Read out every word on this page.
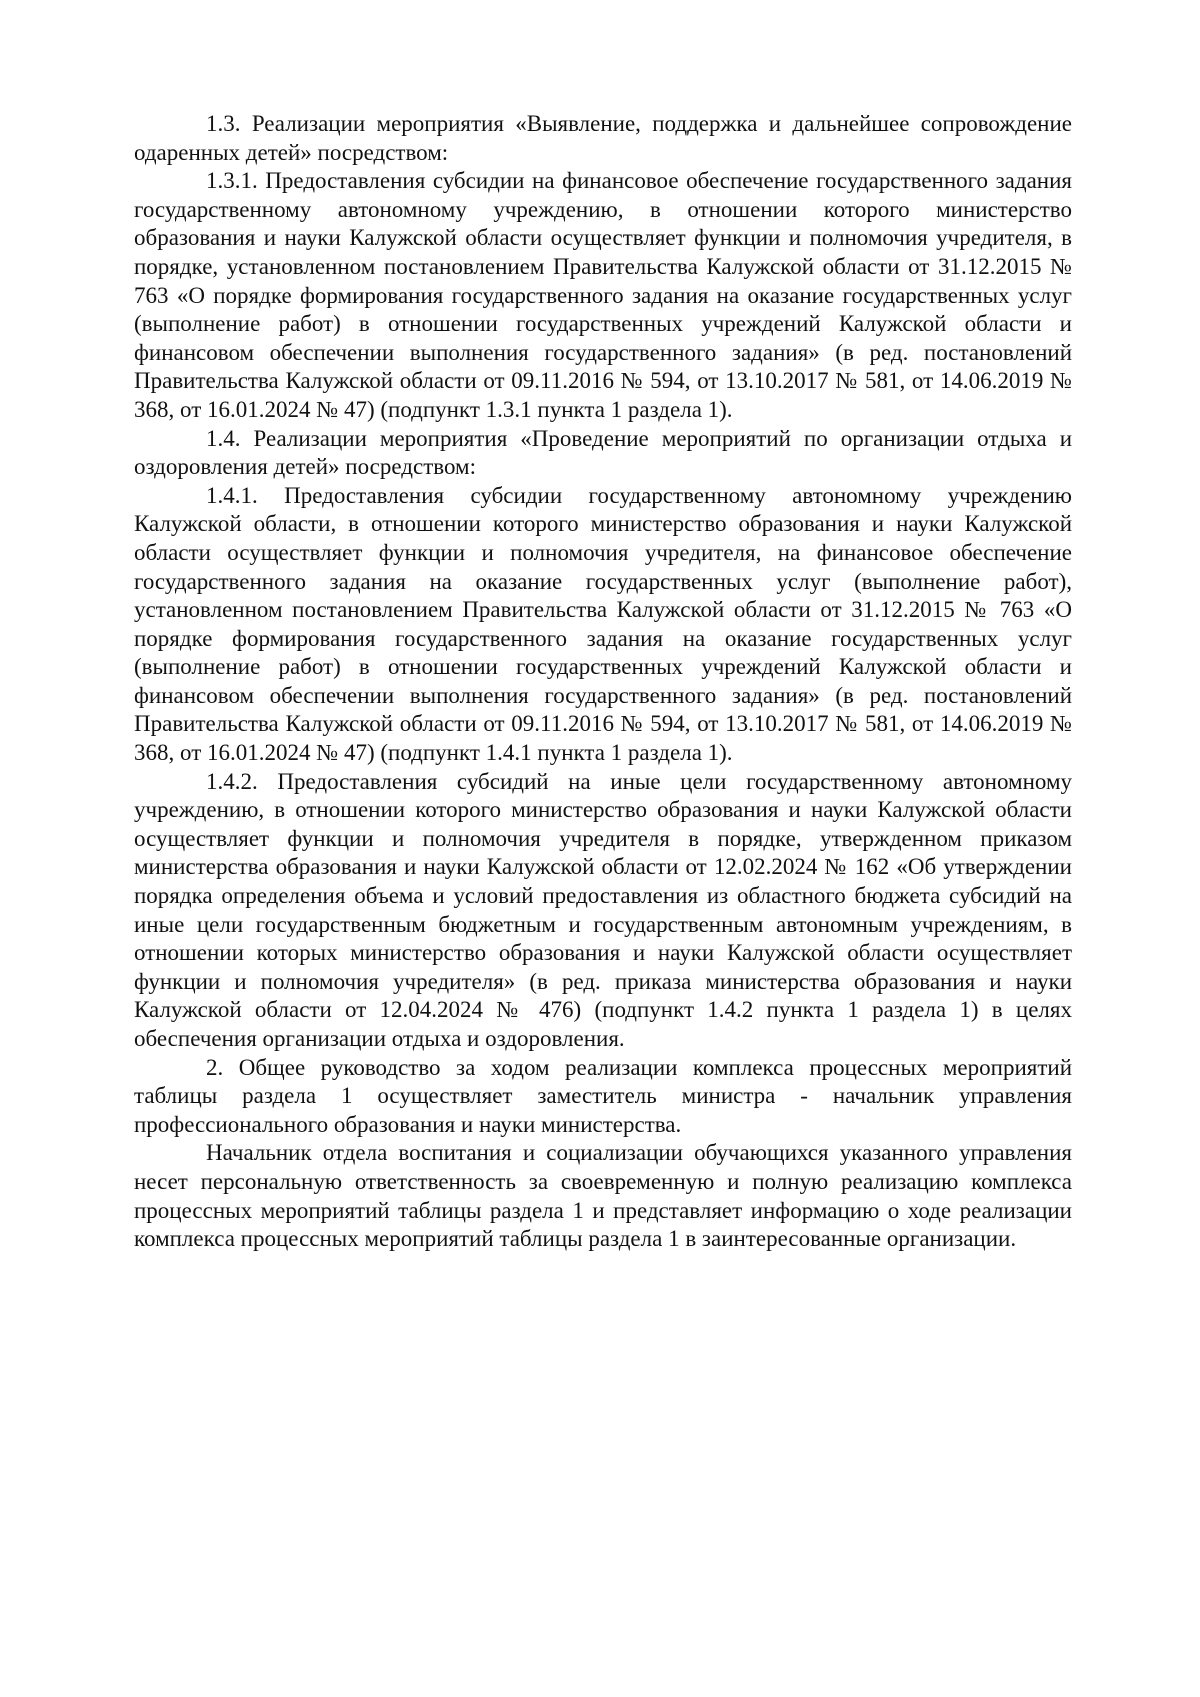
1.3. Реализации мероприятия «Выявление, поддержка и дальнейшее сопровождение одаренных детей» посредством:

1.3.1. Предоставления субсидии на финансовое обеспечение государственного задания государственному автономному учреждению, в отношении которого министерство образования и науки Калужской области осуществляет функции и полномочия учредителя, в порядке, установленном постановлением Правительства Калужской области от 31.12.2015 № 763 «О порядке формирования государственного задания на оказание государственных услуг (выполнение работ) в отношении государственных учреждений Калужской области и финансовом обеспечении выполнения государственного задания» (в ред. постановлений Правительства Калужской области от 09.11.2016 № 594, от 13.10.2017 № 581, от 14.06.2019 № 368, от 16.01.2024 № 47) (подпункт 1.3.1 пункта 1 раздела 1).

1.4. Реализации мероприятия «Проведение мероприятий по организации отдыха и оздоровления детей» посредством:

1.4.1. Предоставления субсидии государственному автономному учреждению Калужской области, в отношении которого министерство образования и науки Калужской области осуществляет функции и полномочия учредителя, на финансовое обеспечение государственного задания на оказание государственных услуг (выполнение работ), установленном постановлением Правительства Калужской области от 31.12.2015 № 763 «О порядке формирования государственного задания на оказание государственных услуг (выполнение работ) в отношении государственных учреждений Калужской области и финансовом обеспечении выполнения государственного задания» (в ред. постановлений Правительства Калужской области от 09.11.2016 № 594, от 13.10.2017 № 581, от 14.06.2019 № 368, от 16.01.2024 № 47) (подпункт 1.4.1 пункта 1 раздела 1).

1.4.2. Предоставления субсидий на иные цели государственному автономному учреждению, в отношении которого министерство образования и науки Калужской области осуществляет функции и полномочия учредителя в порядке, утвержденном приказом министерства образования и науки Калужской области от 12.02.2024 № 162 «Об утверждении порядка определения объема и условий предоставления из областного бюджета субсидий на иные цели государственным бюджетным и государственным автономным учреждениям, в отношении которых министерство образования и науки Калужской области осуществляет функции и полномочия учредителя» (в ред. приказа министерства образования и науки Калужской области от 12.04.2024 № 476) (подпункт 1.4.2 пункта 1 раздела 1) в целях обеспечения организации отдыха и оздоровления.

2. Общее руководство за ходом реализации комплекса процессных мероприятий таблицы раздела 1 осуществляет заместитель министра - начальник управления профессионального образования и науки министерства.

Начальник отдела воспитания и социализации обучающихся указанного управления несет персональную ответственность за своевременную и полную реализацию комплекса процессных мероприятий таблицы раздела 1 и представляет информацию о ходе реализации комплекса процессных мероприятий таблицы раздела 1 в заинтересованные организации.
